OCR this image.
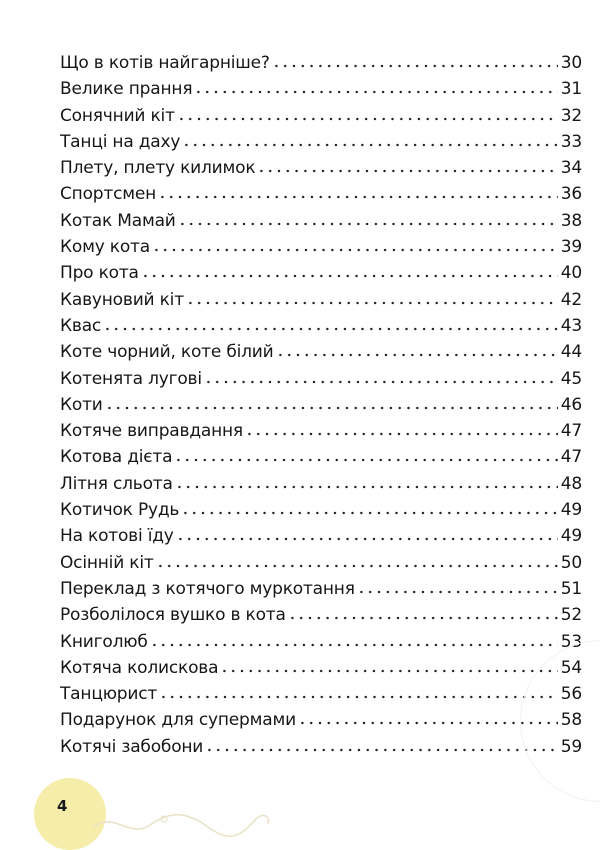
Що в котів найгарніше?	30
Велике прання	31
Сонячний кіт	32
Танці на даху	33
Плету, плету килимок	34
Спортсмен	36
Котак Мамай	38
Кому кота	39
Про кота	40
Кавуновий кіт	42
Квас	43
Коте чорний, коте білий	44
Котенята лугові	45
Коти	46
Котяче виправдання	47
Котова дієта	47
Літня сльота	48
Котичок Рудь	49
На котові їду	49
Осінній кіт	50
Переклад з котячого муркотання	51
Розболілося вушко в кота	52
Книголюб	53
Котяча колискова	54
Танцюрист	56
Подарунок для супермами	58
Котячі забобони	59
4
